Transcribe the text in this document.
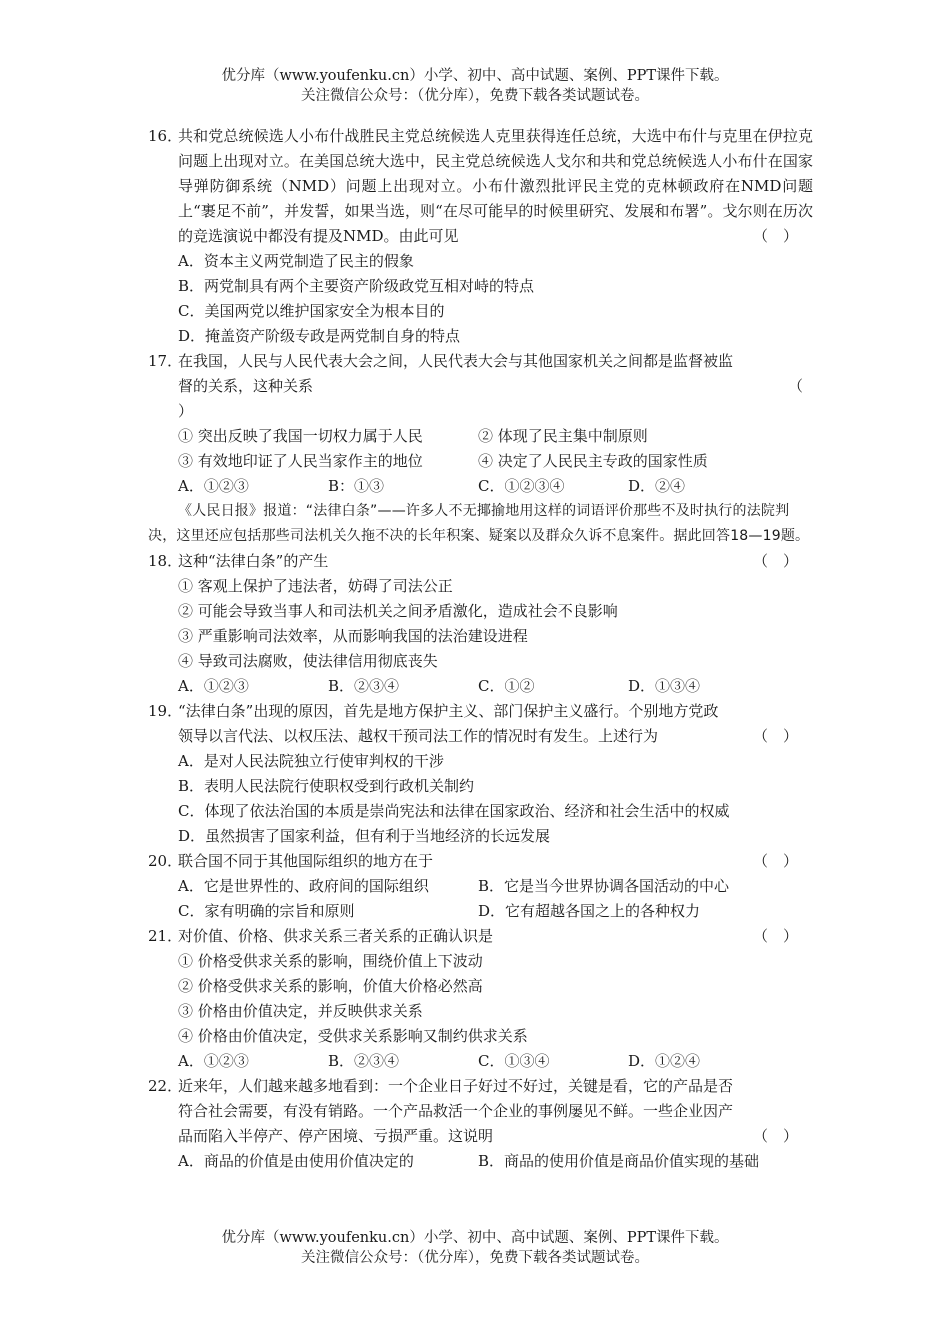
优分库（www.youfenku.cn）小学、初中、高中试题、案例、PPT课件下载。
关注微信公众号：（优分库），免费下载各类试题试卷。
16．
共和党总统候选人小布什战胜民主党总统候选人克里获得连任总统，大选中布什与克里在伊拉克问题上出现对立。在美国总统大选中，民主党总统候选人戈尔和共和党总统候选人小布什在国家导弹防御系统（NMD）问题上出现对立。小布什激烈批评民主党的克林顿政府在NMD问题上“裹足不前”，并发誓，如果当选，则“在尽可能早的时候里研究、发展和布署”。戈尔则在历次的竞选演说中都没有提及NMD。由此可见	（　）
A．资本主义两党制造了民主的假象
B．两党制具有两个主要资产阶级政党互相对峙的特点
C．美国两党以维护国家安全为根本目的
D．掩盖资产阶级专政是两党制自身的特点
17．
在我国，人民与人民代表大会之间，人民代表大会与其他国家机关之间都是监督被监
督的关系，这种关系	（
）
① 突出反映了我国一切权力属于人民	② 体现了民主集中制原则
③ 有效地印证了人民当家作主的地位	④ 决定了人民民主专政的国家性质
A．①②③	B：①③	C．①②③④	D．②④
《人民日报》报道：“法律白条”——许多人不无揶揄地用这样的词语评价那些不及时执行的法院判决，这里还应包括那些司法机关久拖不决的长年积案、疑案以及群众久诉不息案件。据此回答18—19题。
18．
这种“法律白条”的产生	（　）
① 客观上保护了违法者，妨碍了司法公正
② 可能会导致当事人和司法机关之间矛盾激化，造成社会不良影响
③ 严重影响司法效率，从而影响我国的法治建设进程
④ 导致司法腐败，使法律信用彻底丧失
A．①②③	B．②③④	C．①②	D．①③④
19．
“法律白条”出现的原因，首先是地方保护主义、部门保护主义盛行。个别地方党政
领导以言代法、以权压法、越权干预司法工作的情况时有发生。上述行为	（　）
A．是对人民法院独立行使审判权的干涉
B．表明人民法院行使职权受到行政机关制约
C．体现了依法治国的本质是崇尚宪法和法律在国家政治、经济和社会生活中的权威
D．虽然损害了国家利益，但有利于当地经济的长远发展
20．
联合国不同于其他国际组织的地方在于	（　）
A．它是世界性的、政府间的国际组织	B．它是当今世界协调各国活动的中心
C．家有明确的宗旨和原则	D．它有超越各国之上的各种权力
21．
对价值、价格、供求关系三者关系的正确认识是	（　）
① 价格受供求关系的影响，围绕价值上下波动
② 价格受供求关系的影响，价值大价格必然高
③ 价格由价值决定，并反映供求关系
④ 价格由价值决定，受供求关系影响又制约供求关系
A．①②③	B．②③④	C．①③④	D．①②④
22．
近来年，人们越来越多地看到：一个企业日子好过不好过，关键是看，它的产品是否
符合社会需要，有没有销路。一个产品救活一个企业的事例屡见不鲜。一些企业因产
品而陷入半停产、停产困境、亏损严重。这说明	（　）
A．商品的价值是由使用价值决定的	B．商品的使用价值是商品价值实现的基础
优分库（www.youfenku.cn）小学、初中、高中试题、案例、PPT课件下载。
关注微信公众号：（优分库），免费下载各类试题试卷。
